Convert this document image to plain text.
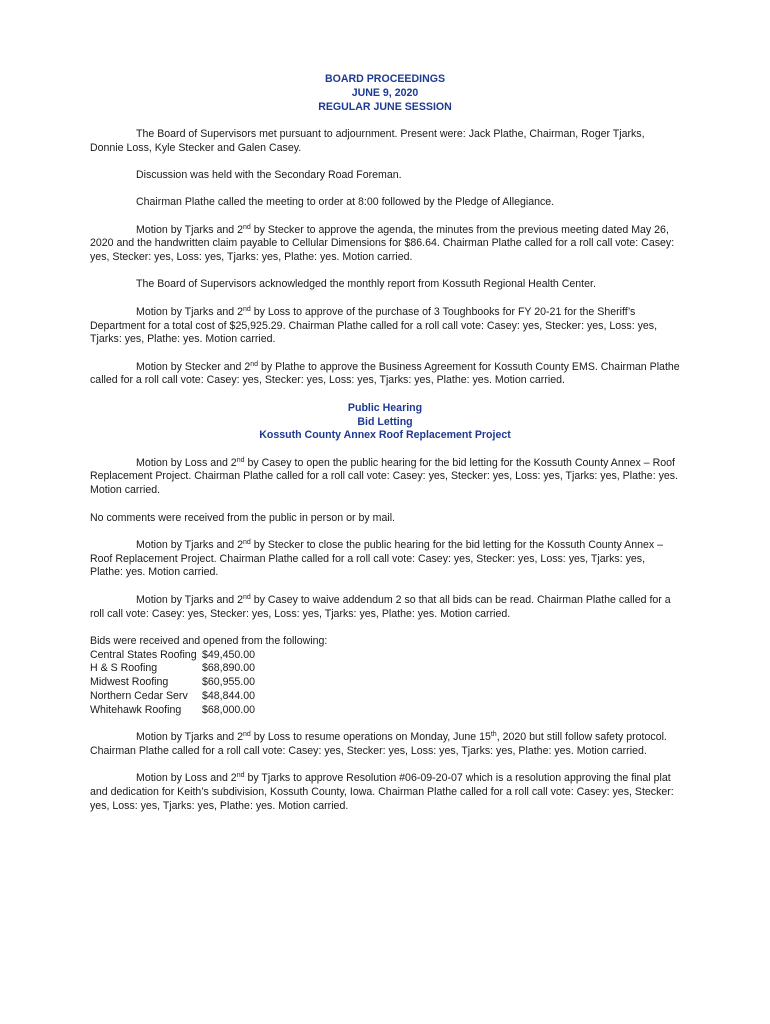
BOARD PROCEEDINGS
JUNE 9, 2020
REGULAR JUNE SESSION

The Board of Supervisors met pursuant to adjournment. Present were: Jack Plathe, Chairman, Roger Tjarks, Donnie Loss, Kyle Stecker and Galen Casey.

Discussion was held with the Secondary Road Foreman.

Chairman Plathe called the meeting to order at 8:00 followed by the Pledge of Allegiance.

Motion by Tjarks and 2nd by Stecker to approve the agenda, the minutes from the previous meeting dated May 26, 2020 and the handwritten claim payable to Cellular Dimensions for $86.64. Chairman Plathe called for a roll call vote: Casey: yes, Stecker: yes, Loss: yes, Tjarks: yes, Plathe: yes. Motion carried.

The Board of Supervisors acknowledged the monthly report from Kossuth Regional Health Center.

Motion by Tjarks and 2nd by Loss to approve of the purchase of 3 Toughbooks for FY 20-21 for the Sheriff’s Department for a total cost of $25,925.29. Chairman Plathe called for a roll call vote: Casey: yes, Stecker: yes, Loss: yes, Tjarks: yes, Plathe: yes. Motion carried.

Motion by Stecker and 2nd by Plathe to approve the Business Agreement for Kossuth County EMS. Chairman Plathe called for a roll call vote: Casey: yes, Stecker: yes, Loss: yes, Tjarks: yes, Plathe: yes. Motion carried.

Public Hearing
Bid Letting
Kossuth County Annex Roof Replacement Project

Motion by Loss and 2nd by Casey to open the public hearing for the bid letting for the Kossuth County Annex – Roof Replacement Project. Chairman Plathe called for a roll call vote: Casey: yes, Stecker: yes, Loss: yes, Tjarks: yes, Plathe: yes. Motion carried.

No comments were received from the public in person or by mail.

Motion by Tjarks and 2nd by Stecker to close the public hearing for the bid letting for the Kossuth County Annex – Roof Replacement Project. Chairman Plathe called for a roll call vote: Casey: yes, Stecker: yes, Loss: yes, Tjarks: yes, Plathe: yes. Motion carried.

Motion by Tjarks and 2nd by Casey to waive addendum 2 so that all bids can be read. Chairman Plathe called for a roll call vote: Casey: yes, Stecker: yes, Loss: yes, Tjarks: yes, Plathe: yes. Motion carried.

Bids were received and opened from the following:
Central States Roofing $49,450.00
H & S Roofing	$68,890.00
Midwest Roofing	$60,955.00
Northern Cedar Serv	$48,844.00
Whitehawk Roofing	$68,000.00

Motion by Tjarks and 2nd by Loss to resume operations on Monday, June 15th, 2020 but still follow safety protocol. Chairman Plathe called for a roll call vote: Casey: yes, Stecker: yes, Loss: yes, Tjarks: yes, Plathe: yes. Motion carried.

Motion by Loss and 2nd by Tjarks to approve Resolution #06-09-20-07 which is a resolution approving the final plat and dedication for Keith’s subdivision, Kossuth County, Iowa. Chairman Plathe called for a roll call vote: Casey: yes, Stecker: yes, Loss: yes, Tjarks: yes, Plathe: yes. Motion carried.
